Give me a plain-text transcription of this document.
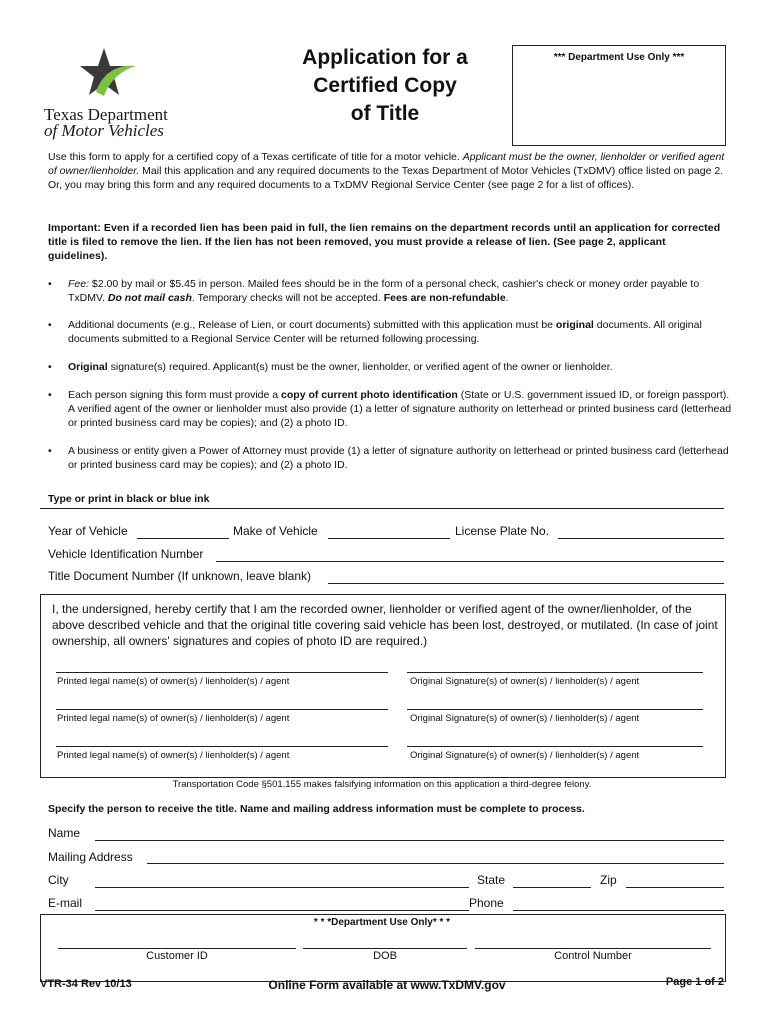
Texas Department
of Motor Vehicles
Application for a
Certified Copy
of Title
*** Department Use Only ***
Use this form to apply for a certified copy of a Texas certificate of title for a motor vehicle. Applicant must be the owner, lienholder or verified agent of owner/lienholder. Mail this application and any required documents to the Texas Department of Motor Vehicles (TxDMV) office listed on page 2. Or, you may bring this form and any required documents to a TxDMV Regional Service Center (see page 2 for a list of offices).
Important: Even if a recorded lien has been paid in full, the lien remains on the department records until an application for corrected title is filed to remove the lien. If the lien has not been removed, you must provide a release of lien. (See page 2, applicant guidelines).
• Fee: $2.00 by mail or $5.45 in person. Mailed fees should be in the form of a personal check, cashier's check or money order payable to TxDMV. Do not mail cash. Temporary checks will not be accepted. Fees are non-refundable.
• Additional documents (e.g., Release of Lien, or court documents) submitted with this application must be original documents. All original documents submitted to a Regional Service Center will be returned following processing.
• Original signature(s) required. Applicant(s) must be the owner, lienholder, or verified agent of the owner or lienholder.
• Each person signing this form must provide a copy of current photo identification (State or U.S. government issued ID, or foreign passport). A verified agent of the owner or lienholder must also provide (1) a letter of signature authority on letterhead or printed business card (letterhead or printed business card may be copies); and (2) a photo ID.
• A business or entity given a Power of Attorney must provide (1) a letter of signature authority on letterhead or printed business card (letterhead or printed business card may be copies); and (2) a photo ID.
Type or print in black or blue ink
Year of Vehicle	Make of Vehicle	License Plate No.
Vehicle Identification Number
Title Document Number (If unknown, leave blank)
I, the undersigned, hereby certify that I am the recorded owner, lienholder or verified agent of the owner/lienholder, of the above described vehicle and that the original title covering said vehicle has been lost, destroyed, or mutilated. (In case of joint ownership, all owners' signatures and copies of photo ID are required.)
Printed legal name(s) of owner(s) / lienholder(s) / agent	Original Signature(s) of owner(s) / lienholder(s) / agent
Printed legal name(s) of owner(s) / lienholder(s) / agent	Original Signature(s) of owner(s) / lienholder(s) / agent
Printed legal name(s) of owner(s) / lienholder(s) / agent	Original Signature(s) of owner(s) / lienholder(s) / agent
Transportation Code §501.155 makes falsifying information on this application a third-degree felony.
Specify the person to receive the title. Name and mailing address information must be complete to process.
Name
Mailing Address
City	State	Zip
E-mail	Phone
* * *Department Use Only* * *
Customer ID	DOB	Control Number
VTR-34 Rev 10/13	Online Form available at www.TxDMV.gov	Page 1 of 2
